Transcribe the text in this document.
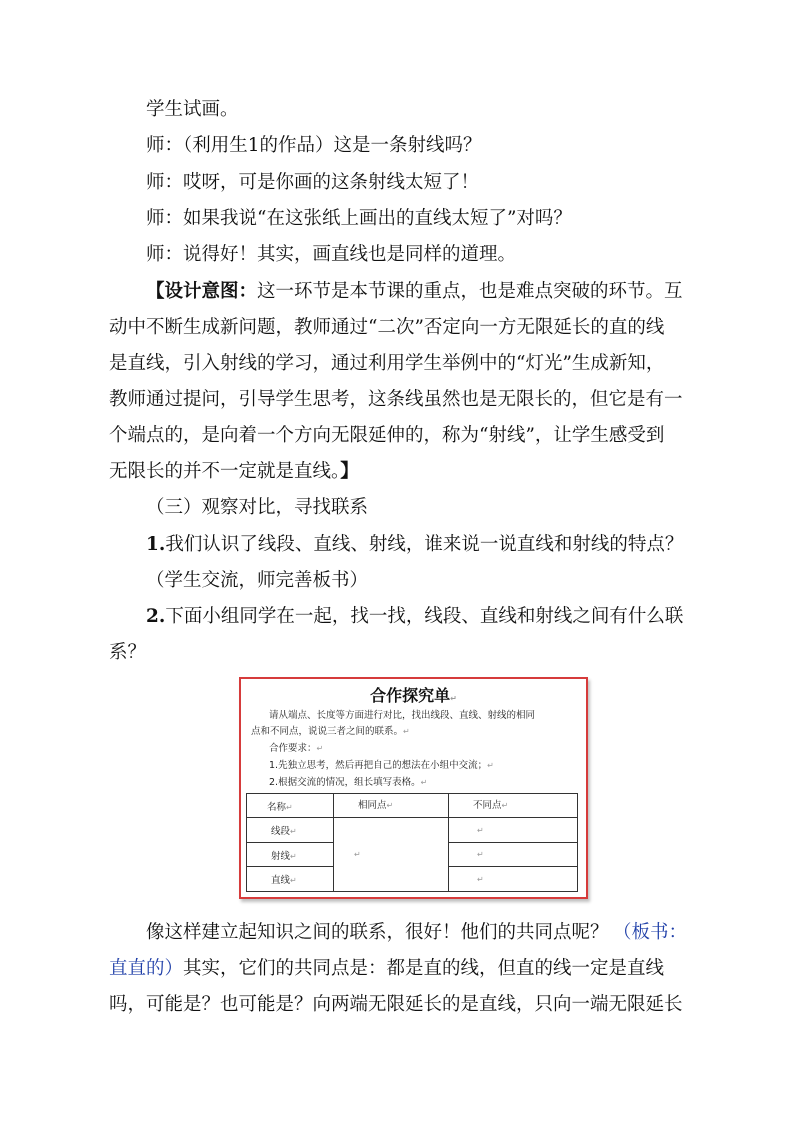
学生试画。
师：（利用生1的作品）这是一条射线吗？
师：哎呀，可是你画的这条射线太短了！
师：如果我说“在这张纸上画出的直线太短了”对吗？
师：说得好！其实，画直线也是同样的道理。
【设计意图：这一环节是本节课的重点，也是难点突破的环节。互
动中不断生成新问题，教师通过“二次”否定向一方无限延长的直的线
是直线，引入射线的学习，通过利用学生举例中的“灯光”生成新知，
教师通过提问，引导学生思考，这条线虽然也是无限长的，但它是有一
个端点的，是向着一个方向无限延伸的，称为“射线”，让学生感受到
无限长的并不一定就是直线。】
（三）观察对比，寻找联系
1.我们认识了线段、直线、射线，谁来说一说直线和射线的特点？
（学生交流，师完善板书）
2.下面小组同学在一起，找一找，线段、直线和射线之间有什么联
系？
合作探究单↵
请从端点、长度等方面进行对比，找出线段、直线、射线的相同
点和不同点，说说三者之间的联系。↵
合作要求：↵
1.先独立思考，然后再把自己的想法在小组中交流；↵
2.根据交流的情况，组长填写表格。↵
名称↵	相同点↵	不同点↵
线段↵	↵	↵
射线↵		↵
直线↵		↵
像这样建立起知识之间的联系，很好！他们的共同点呢？ （板书：
直直的）其实，它们的共同点是：都是直的线，但直的线一定是直线
吗，可能是？也可能是？向两端无限延长的是直线，只向一端无限延长
